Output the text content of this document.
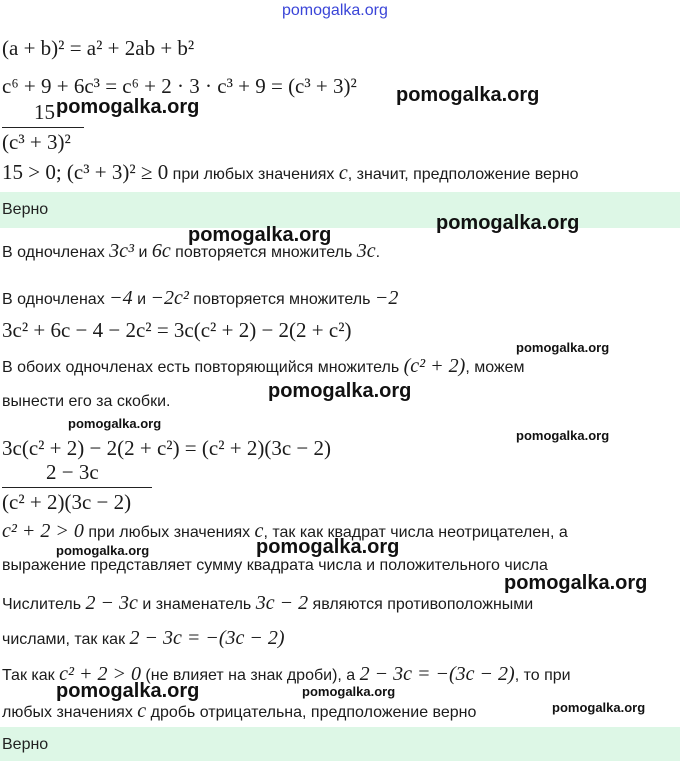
pomogalka.org
(a + b)² = a² + 2ab + b²
c⁶ + 9 + 6c³ = c⁶ + 2 · 3 · c³ + 9 = (c³ + 3)²
15
(c³ + 3)²
15 > 0; (c³ + 3)² ≥ 0 при любых значениях c, значит, предположение верно
Верно
В одночленах 3c³ и 6c повторяется множитель 3c.
В одночленах −4 и −2c² повторяется множитель −2
3c² + 6c − 4 − 2c² = 3c(c² + 2) − 2(2 + c²)
В обоих одночленах есть повторяющийся множитель (c² + 2), можем
вынести его за скобки.
3c(c² + 2) − 2(2 + c²) = (c² + 2)(3c − 2)
2 − 3c
(c² + 2)(3c − 2)
c² + 2 > 0 при любых значениях c, так как квадрат числа неотрицателен, а
выражение представляет сумму квадрата числа и положительного числа
Числитель 2 − 3c и знаменатель 3c − 2 являются противоположными
числами, так как 2 − 3c = −(3c − 2)
Так как c² + 2 > 0 (не влияет на знак дроби), а 2 − 3c = −(3c − 2), то при
любых значениях c дробь отрицательна, предположение верно
Верно
pomogalka.org
pomogalka.org
pomogalka.org
pomogalka.org
pomogalka.org
pomogalka.org
pomogalka.org
pomogalka.org
pomogalka.org
pomogalka.org
pomogalka.org
pomogalka.org	pomogalka.org
pomogalka.org
